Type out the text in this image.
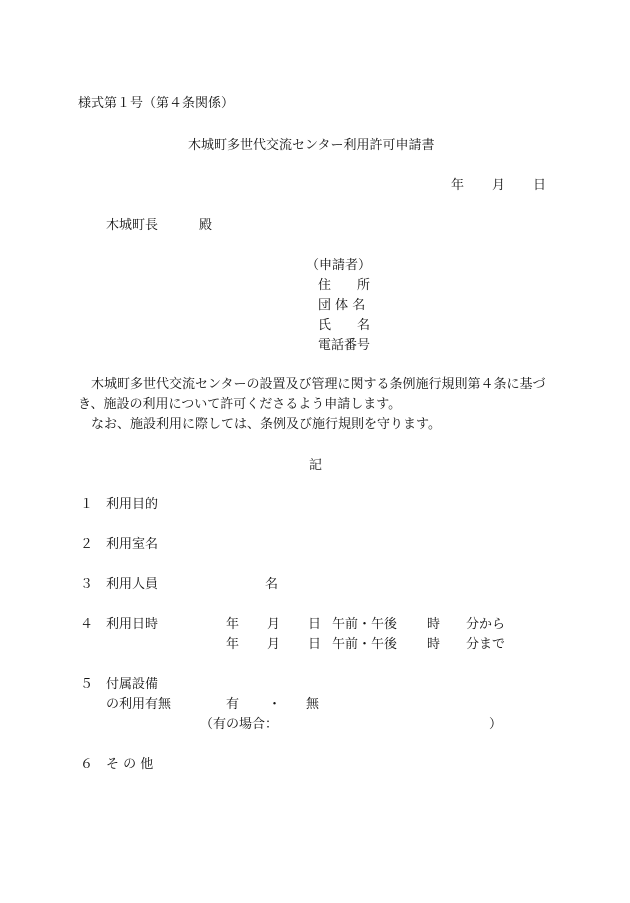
様式第１号（第４条関係）
木城町多世代交流センター利用許可申請書
年 月 日
木城町長	殿
（申請者）
住　　所
団 体 名
氏　　名
電話番号
　木城町多世代交流センターの設置及び管理に関する条例施行規則第４条に基づき、施設の利用について許可くださるよう申請します。
　なお、施設利用に際しては、条例及び施行規則を守ります。
記
１ 利用目的
２ 利用室名
３ 利用人員	名
４ 利用日時	年 月 日 午前・午後 時 分から
年 月 日 午前・午後 時 分まで
５ 付属設備
の利用有無	有 ・ 無
（有の場合：	）
６ そ の 他
